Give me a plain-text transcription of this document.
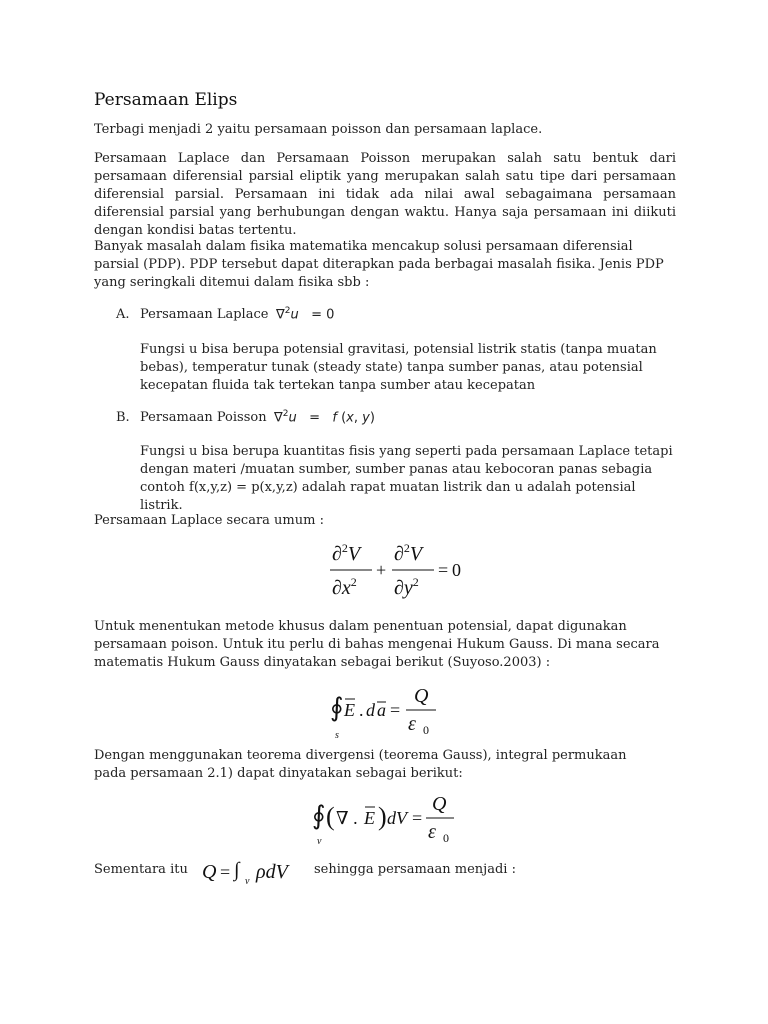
Persamaan Elips
Terbagi menjadi 2 yaitu persamaan poisson dan persamaan laplace.
Persamaan Laplace dan Persamaan Poisson merupakan salah satu bentuk dari persamaan diferensial parsial eliptik yang merupakan salah satu tipe dari persamaan diferensial parsial. Persamaan ini tidak ada nilai awal sebagaimana persamaan diferensial parsial yang berhubungan dengan waktu. Hanya saja persamaan ini diikuti dengan kondisi batas tertentu.
Banyak masalah dalam fisika matematika mencakup solusi persamaan diferensial parsial (PDP). PDP tersebut dapat diterapkan pada berbagai masalah fisika. Jenis PDP yang seringkali ditemui dalam fisika sbb :
A. Persamaan Laplace ∇$^2$u   = 0
Fungsi u bisa berupa potensial gravitasi, potensial listrik statis (tanpa muatan bebas), temperatur tunak (steady state) tanpa sumber panas, atau potensial kecepatan fluida tak tertekan tanpa sumber atau kecepatan
B. Persamaan Poisson ∇$^2$u   =   f (x, y)
Fungsi u bisa berupa kuantitas fisis yang seperti pada persamaan Laplace tetapi dengan materi /muatan sumber, sumber panas atau kebocoran panas sebagia contoh f(x,y,z) = p(x,y,z) adalah rapat muatan listrik dan u adalah potensial listrik.
Persamaan Laplace secara umum :
∂$^2$V
$\partial x^2$
+
∂$^2$V
$\partial y^2$
= 0
Untuk menentukan metode khusus dalam penentuan potensial, dapat digunakan persamaan poison. Untuk itu perlu di bahas mengenai Hukum Gauss. Di mana secara matematis Hukum Gauss dinyatakan sebagai berikut (Suyoso.2003) :
∮
s
E . d a =
Q
ε 0
Dengan menggunakan teorema divergensi (teorema Gauss), integral permukaan pada persamaan 2.1) dapat dinyatakan sebagai berikut:
∮
v
( ∇ . E ) dV =
Q
ε 0
Sementara itu Q = ∫
v ρdV sehingga persamaan menjadi :
